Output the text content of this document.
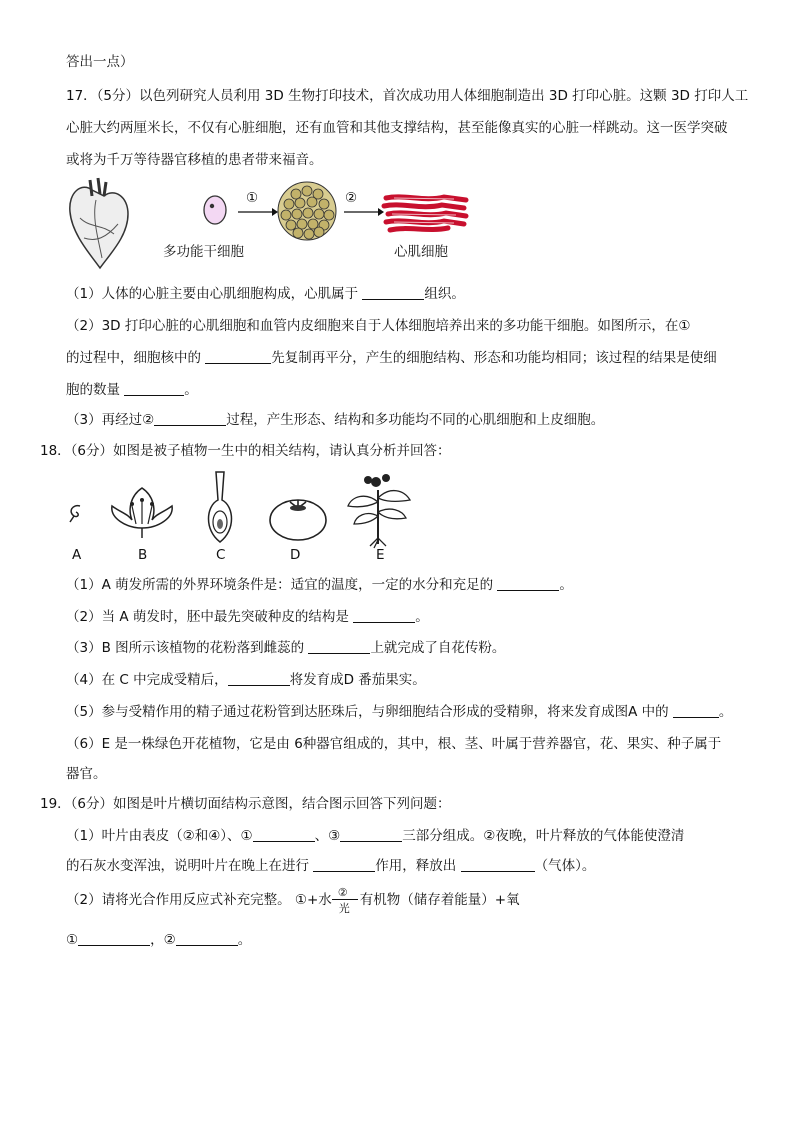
答出一点）
17．（5分）以色列研究人员利用 3D 生物打印技术，首次成功用人体细胞制造出 3D 打印心脏。这颗 3D 打印人工
心脏大约两厘米长，不仅有心脏细胞，还有血管和其他支撑结构，甚至能像真实的心脏一样跳动。这一医学突破
或将为千万等待器官移植的患者带来福音。
①	②
多功能干细胞	心肌细胞
（1）人体的心脏主要由心肌细胞构成，心肌属于	组织。
（2）3D 打印心脏的心肌细胞和血管内皮细胞来自于人体细胞培养出来的多功能干细胞。如图所示，在①
的过程中，细胞核中的	先复制再平分，产生的细胞结构、形态和功能均相同；该过程的结果是使细
胞的数量	。
（3）再经过②	过程，产生形态、结构和多功能均不同的心肌细胞和上皮细胞。
18．（6分）如图是被子植物一生中的相关结构，请认真分析并回答：
A	B	C	D	E
（1）A 萌发所需的外界环境条件是：适宜的温度，一定的水分和充足的	。
（2）当 A 萌发时，胚中最先突破种皮的结构是	。
（3）B 图所示该植物的花粉落到雌蕊的	上就完成了自花传粉。
（4）在 C 中完成受精后，	将发育成D 番茄果实。
（5）参与受精作用的精子通过花粉管到达胚珠后，与卵细胞结合形成的受精卵，将来发育成图A 中的	。
（6）E 是一株绿色开花植物，它是由 6种器官组成的，其中，根、茎、叶属于营养器官，花、果实、种子属于
器官。
19．（6分）如图是叶片横切面结构示意图，结合图示回答下列问题：
（1）叶片由表皮（②和④）、①	、③	三部分组成。②夜晚，叶片释放的气体能使澄清
的石灰水变浑浊，说明叶片在晚上在进行	作用，释放出	（气体）。
（2）请将光合作用反应式补充完整。 ①+水 ②
光
有机物（储存着能量）+氧
①	，②	。
